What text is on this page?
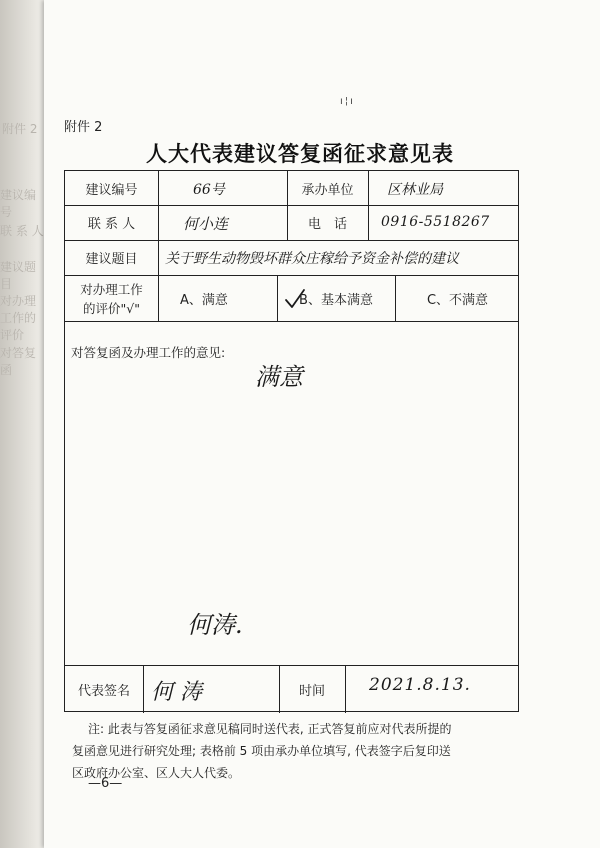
附件 2
建议编号
联 系 人
建议题目
对办理工作的评价
对答复函
ı¦ı
附件 2
人大代表建议答复函征求意见表
建议编号	66号	承办单位	区林业局
联 系 人	何小连	电　话	0916-5518267
建议题目	关于野生动物毁坏群众庄稼给予资金补偿的建议
对办理工作
的评价"√"
A、满意	B、基本满意	C、不满意
对答复函及办理工作的意见:
满意
何涛.
代表签名 何 涛	时间	2021.8.13.
注: 此表与答复函征求意见稿同时送代表, 正式答复前应对代表所提的
复函意见进行研究处理; 表格前 5 项由承办单位填写, 代表签字后复印送
区政府办公室、区人大人代委。
—6—
